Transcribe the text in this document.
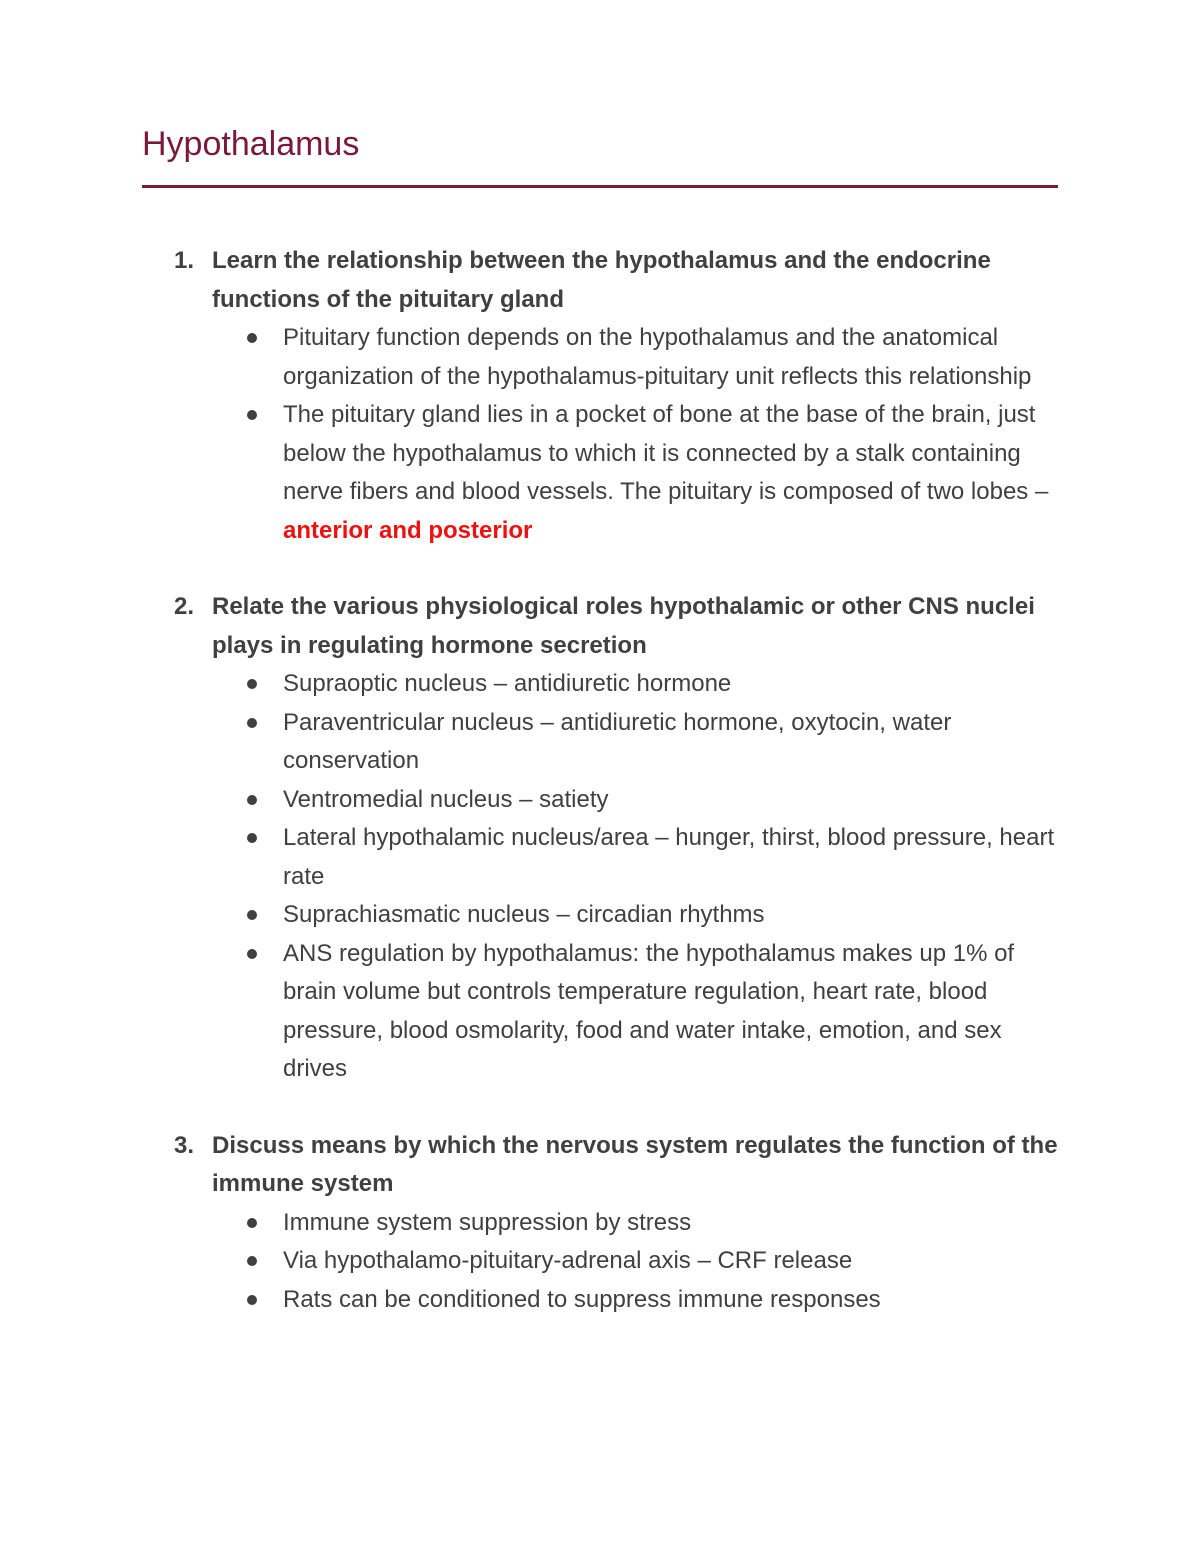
Hypothalamus
1. Learn the relationship between the hypothalamus and the endocrine functions of the pituitary gland

Pituitary function depends on the hypothalamus and the anatomical organization of the hypothalamus-pituitary unit reflects this relationship
The pituitary gland lies in a pocket of bone at the base of the brain, just below the hypothalamus to which it is connected by a stalk containing nerve fibers and blood vessels. The pituitary is composed of two lobes – anterior and posterior
2. Relate the various physiological roles hypothalamic or other CNS nuclei plays in regulating hormone secretion

Supraoptic nucleus – antidiuretic hormone
Paraventricular nucleus – antidiuretic hormone, oxytocin, water conservation
Ventromedial nucleus – satiety
Lateral hypothalamic nucleus/area – hunger, thirst, blood pressure, heart rate
Suprachiasmatic nucleus – circadian rhythms
ANS regulation by hypothalamus: the hypothalamus makes up 1% of brain volume but controls temperature regulation, heart rate, blood pressure, blood osmolarity, food and water intake, emotion, and sex drives
3. Discuss means by which the nervous system regulates the function of the immune system

Immune system suppression by stress
Via hypothalamo-pituitary-adrenal axis – CRF release
Rats can be conditioned to suppress immune responses
